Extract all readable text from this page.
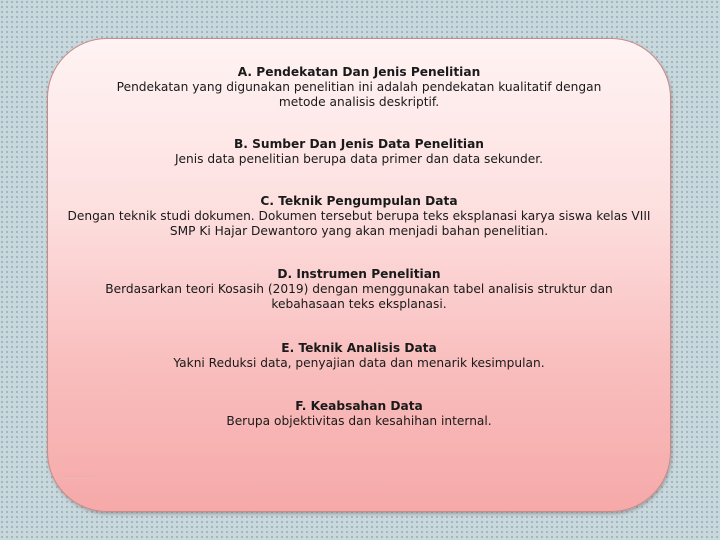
A. Pendekatan Dan Jenis Penelitian
Pendekatan yang digunakan penelitian ini adalah pendekatan kualitatif dengan metode analisis deskriptif.
B. Sumber Dan Jenis Data Penelitian
Jenis data penelitian berupa data primer dan data sekunder.
C. Teknik Pengumpulan Data
Dengan teknik studi dokumen. Dokumen tersebut berupa teks eksplanasi karya siswa kelas VIII SMP Ki Hajar Dewantoro yang akan menjadi bahan penelitian.
D. Instrumen Penelitian
Berdasarkan teori Kosasih (2019) dengan menggunakan tabel analisis struktur dan kebahasaan teks eksplanasi.
E. Teknik Analisis Data
Yakni Reduksi data, penyajian data dan menarik kesimpulan.
F. Keabsahan Data
Berupa objektivitas dan kesahihan internal.
